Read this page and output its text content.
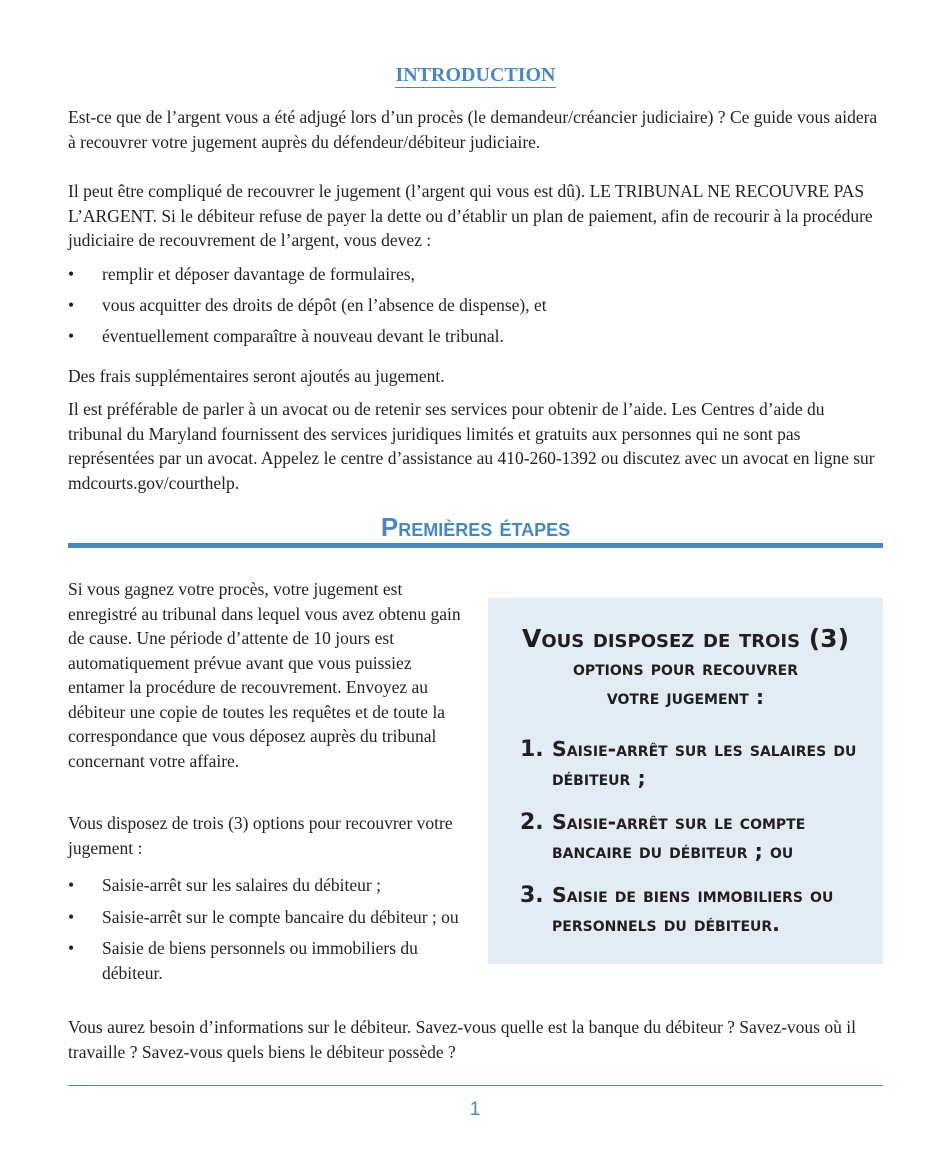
INTRODUCTION

Est-ce que de l’argent vous a été adjugé lors d’un procès (le demandeur/créancier judiciaire) ? Ce guide vous aidera à recouvrer votre jugement auprès du défendeur/débiteur judiciaire.

Il peut être compliqué de recouvrer le jugement (l’argent qui vous est dû). LE TRIBUNAL NE RECOUVRE PAS L’ARGENT. Si le débiteur refuse de payer la dette ou d’établir un plan de paiement, afin de recourir à la procédure judiciaire de recouvrement de l’argent, vous devez :

• remplir et déposer davantage de formulaires,
• vous acquitter des droits de dépôt (en l’absence de dispense), et
• éventuellement comparaître à nouveau devant le tribunal.

Des frais supplémentaires seront ajoutés au jugement.

Il est préférable de parler à un avocat ou de retenir ses services pour obtenir de l’aide. Les Centres d’aide du tribunal du Maryland fournissent des services juridiques limités et gratuits aux personnes qui ne sont pas représentées par un avocat. Appelez le centre d’assistance au 410-260-1392 ou discutez avec un avocat en ligne sur mdcourts.gov/courthelp.

Premières étapes

Si vous gagnez votre procès, votre jugement est enregistré au tribunal dans lequel vous avez obtenu gain de cause. Une période d’attente de 10 jours est automatiquement prévue avant que vous puissiez entamer la procédure de recouvrement. Envoyez au débiteur une copie de toutes les requêtes et de toute la correspondance que vous déposez auprès du tribunal concernant votre affaire.

Vous disposez de trois (3) options pour recouvrer votre jugement :

• Saisie-arrêt sur les salaires du débiteur ;
• Saisie-arrêt sur le compte bancaire du débiteur ; ou
• Saisie de biens personnels ou immobiliers du débiteur.
Vous disposez de trois (3)
options pour recouvrer
votre jugement :
1. Saisie-arrêt sur les salaires du débiteur ;
2. Saisie-arrêt sur le compte bancaire du débiteur ; ou
3. Saisie de biens immobiliers ou personnels du débiteur.

Vous aurez besoin d’informations sur le débiteur. Savez-vous quelle est la banque du débiteur ? Savez-vous où il travaille ? Savez-vous quels biens le débiteur possède ?

1
